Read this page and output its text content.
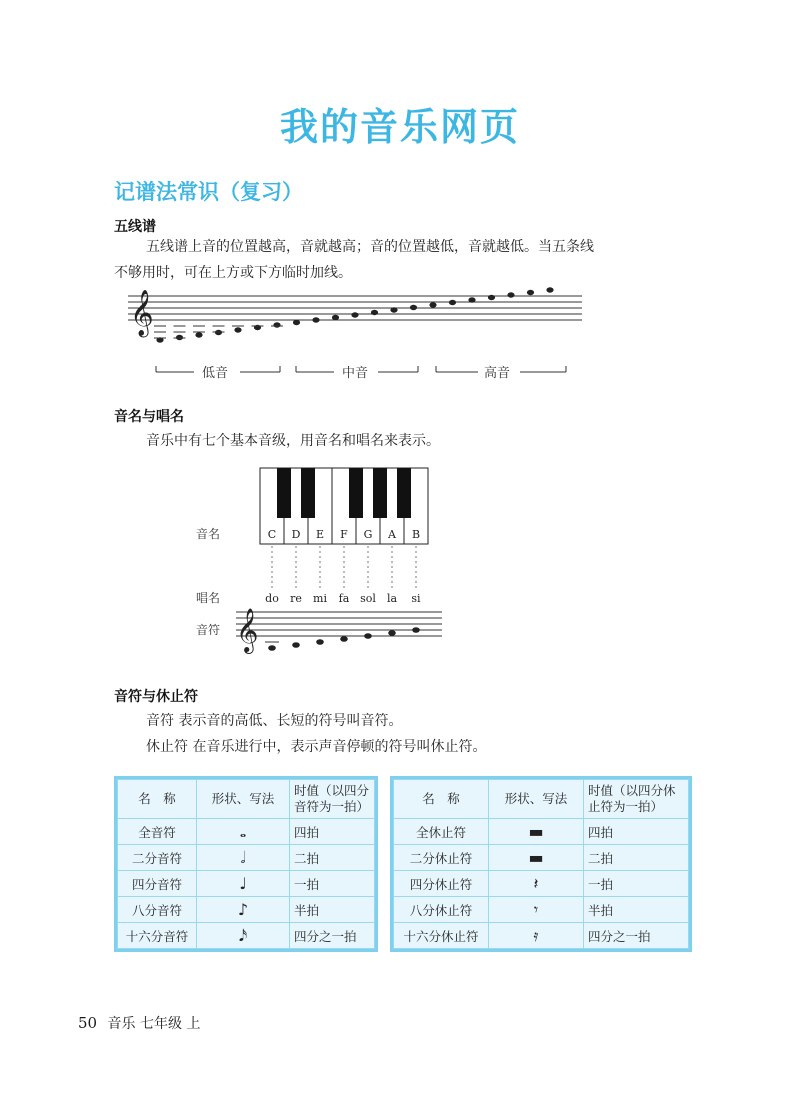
我的音乐网页
记谱法常识（复习）
五线谱
五线谱上音的位置越高，音就越高；音的位置越低，音就越低。当五条线
不够用时，可在上方或下方临时加线。
𝄞
低音	中音	高音
音名与唱名
音乐中有七个基本音级，用音名和唱名来表示。
C D E F G A B
do re mi fa sol la si
音名
唱名
音符 𝄞
音符与休止符
音符 表示音的高低、长短的符号叫音符。
休止符 在音乐进行中，表示声音停顿的符号叫休止符。
名　称	形状、写法	时值（以四分音符为一拍）
全音符	𝅝	四拍
二分音符	𝅗𝅥	二拍
四分音符	♩	一拍
八分音符	♪	半拍
十六分音符	𝅘𝅥𝅯	四分之一拍
名　称	形状、写法	时值（以四分休止符为一拍）
全休止符	▬	四拍
二分休止符	▬	二拍
四分休止符	𝄽	一拍
八分休止符	𝄾	半拍
十六分休止符	𝄿	四分之一拍
50 音乐 七年级 上
